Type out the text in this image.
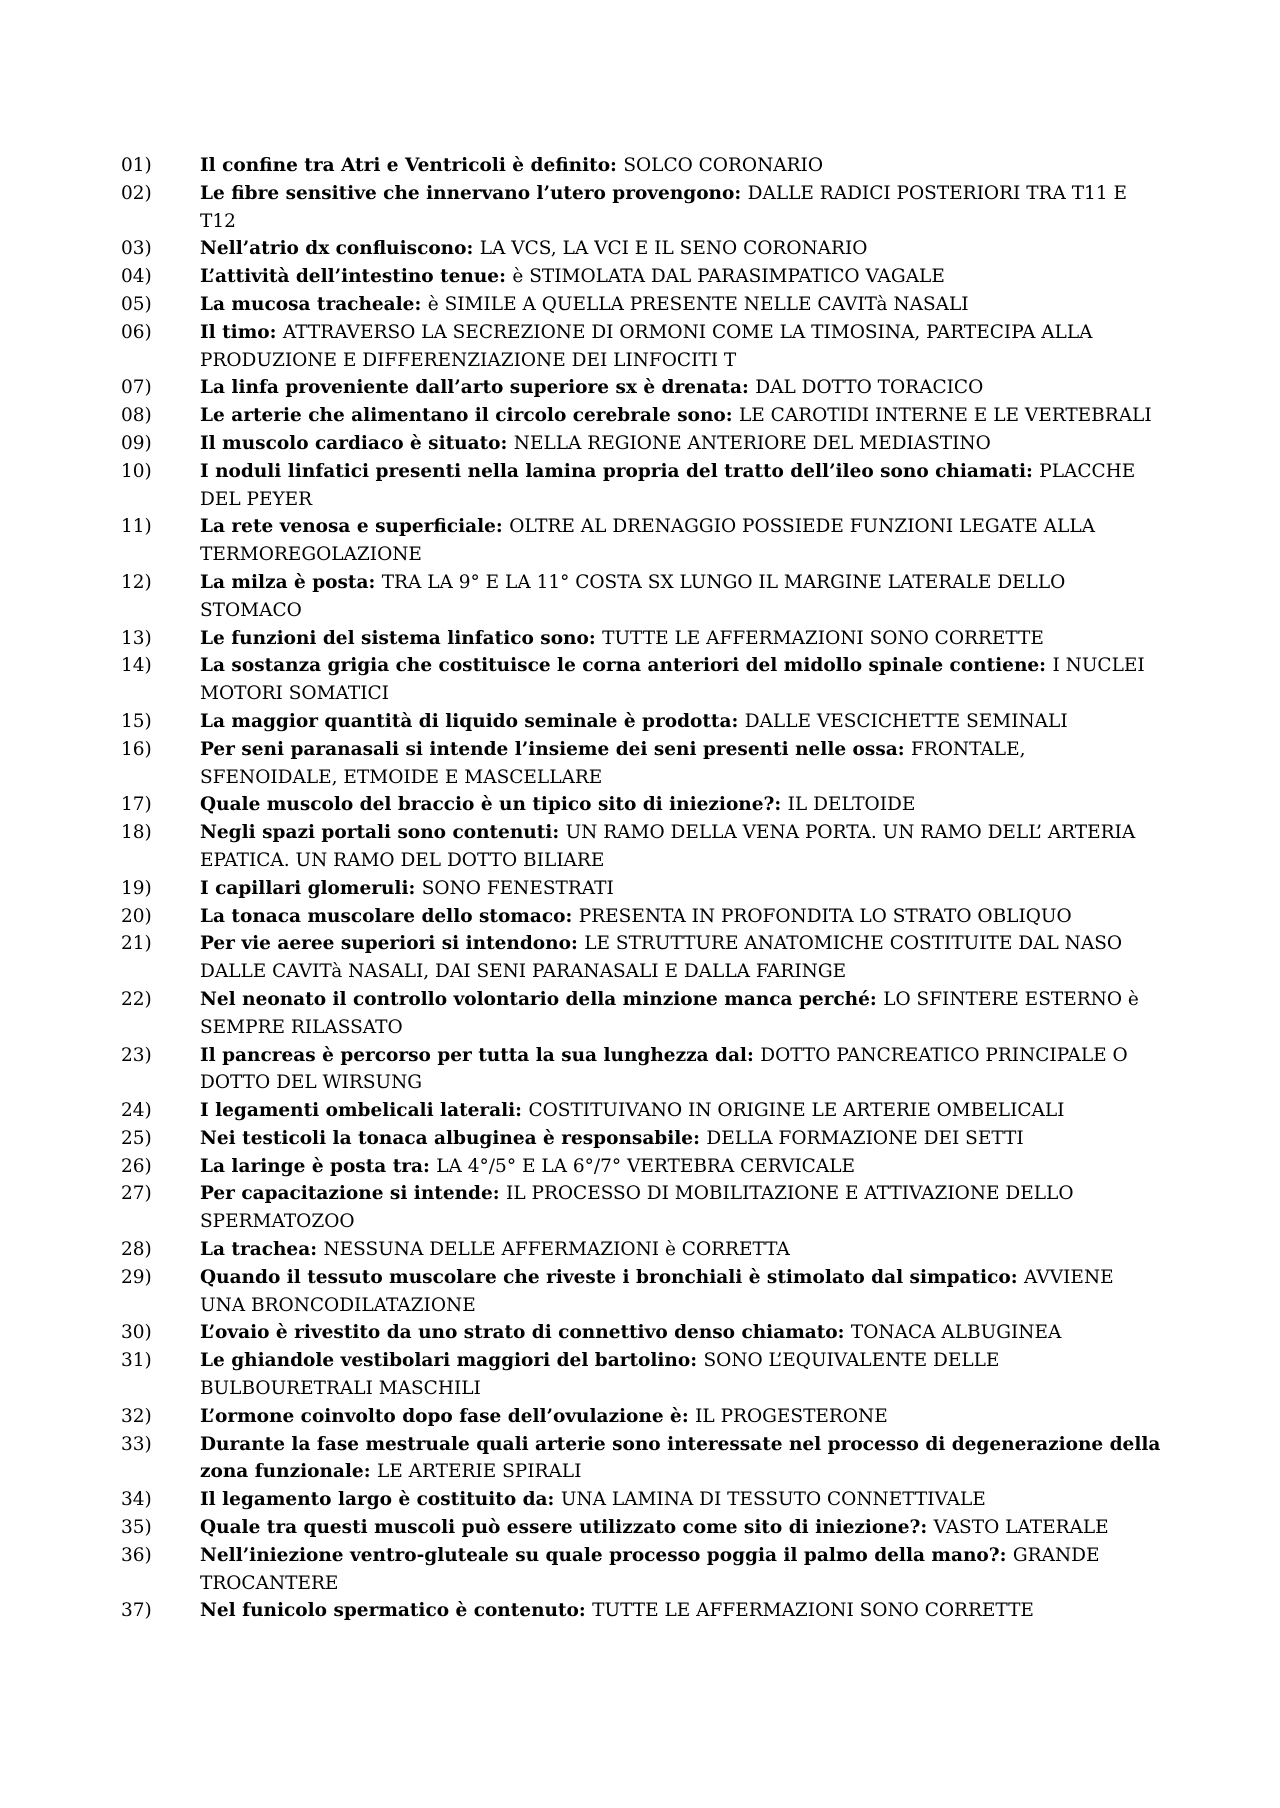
01)	Il confine tra Atri e Ventricoli è definito: SOLCO CORONARIO
02)	Le fibre sensitive che innervano l’utero provengono: DALLE RADICI POSTERIORI TRA T11 E T12
03)	Nell’atrio dx confluiscono: LA VCS, LA VCI E IL SENO CORONARIO
04)	L’attività dell’intestino tenue: è STIMOLATA DAL PARASIMPATICO VAGALE
05)	La mucosa tracheale: è SIMILE A QUELLA PRESENTE NELLE CAVITà NASALI
06)	Il timo: ATTRAVERSO LA SECREZIONE DI ORMONI COME LA TIMOSINA, PARTECIPA ALLA PRODUZIONE E DIFFERENZIAZIONE DEI LINFOCITI T
07)	La linfa proveniente dall’arto superiore sx è drenata: DAL DOTTO TORACICO
08)	Le arterie che alimentano il circolo cerebrale sono: LE CAROTIDI INTERNE E LE VERTEBRALI
09)	Il muscolo cardiaco è situato: NELLA REGIONE ANTERIORE DEL MEDIASTINO
10)	I noduli linfatici presenti nella lamina propria del tratto dell’ileo sono chiamati: PLACCHE DEL PEYER
11)	La rete venosa e superficiale: OLTRE AL DRENAGGIO POSSIEDE FUNZIONI LEGATE ALLA TERMOREGOLAZIONE
12)	La milza è posta: TRA LA 9° E LA 11° COSTA SX LUNGO IL MARGINE LATERALE DELLO STOMACO
13)	Le funzioni del sistema linfatico sono: TUTTE LE AFFERMAZIONI SONO CORRETTE
14)	La sostanza grigia che costituisce le corna anteriori del midollo spinale contiene: I NUCLEI MOTORI SOMATICI
15)	La maggior quantità di liquido seminale è prodotta: DALLE VESCICHETTE SEMINALI
16)	Per seni paranasali si intende l’insieme dei seni presenti nelle ossa: FRONTALE, SFENOIDALE, ETMOIDE E MASCELLARE
17)	Quale muscolo del braccio è un tipico sito di iniezione?: IL DELTOIDE
18)	Negli spazi portali sono contenuti: UN RAMO DELLA VENA PORTA. UN RAMO DELL’ ARTERIA EPATICA. UN RAMO DEL DOTTO BILIARE
19)	I capillari glomeruli: SONO FENESTRATI
20)	La tonaca muscolare dello stomaco: PRESENTA IN PROFONDITA LO STRATO OBLIQUO
21)	Per vie aeree superiori si intendono: LE STRUTTURE ANATOMICHE COSTITUITE DAL NASO DALLE CAVITà NASALI, DAI SENI PARANASALI E DALLA FARINGE
22)	Nel neonato il controllo volontario della minzione manca perché: LO SFINTERE ESTERNO è SEMPRE RILASSATO
23)	Il pancreas è percorso per tutta la sua lunghezza dal: DOTTO PANCREATICO PRINCIPALE O DOTTO DEL WIRSUNG
24)	I legamenti ombelicali laterali: COSTITUIVANO IN ORIGINE LE ARTERIE OMBELICALI
25)	Nei testicoli la tonaca albuginea è responsabile: DELLA FORMAZIONE DEI SETTI
26)	La laringe è posta tra: LA 4°/5° E LA 6°/7° VERTEBRA CERVICALE
27)	Per capacitazione si intende: IL PROCESSO DI MOBILITAZIONE E ATTIVAZIONE DELLO SPERMATOZOO
28)	La trachea: NESSUNA DELLE AFFERMAZIONI è CORRETTA
29)	Quando il tessuto muscolare che riveste i bronchiali è stimolato dal simpatico: AVVIENE UNA BRONCODILATAZIONE
30)	L’ovaio è rivestito da uno strato di connettivo denso chiamato: TONACA ALBUGINEA
31)	Le ghiandole vestibolari maggiori del bartolino: SONO L’EQUIVALENTE DELLE BULBOURETRALI MASCHILI
32)	L’ormone coinvolto dopo fase dell’ovulazione è: IL PROGESTERONE
33)	Durante la fase mestruale quali arterie sono interessate nel processo di degenerazione della zona funzionale: LE ARTERIE SPIRALI
34)	Il legamento largo è costituito da: UNA LAMINA DI TESSUTO CONNETTIVALE
35)	Quale tra questi muscoli può essere utilizzato come sito di iniezione?: VASTO LATERALE
36)	Nell’iniezione ventro-gluteale su quale processo poggia il palmo della mano?: GRANDE TROCANTERE
37)	Nel funicolo spermatico è contenuto: TUTTE LE AFFERMAZIONI SONO CORRETTE
